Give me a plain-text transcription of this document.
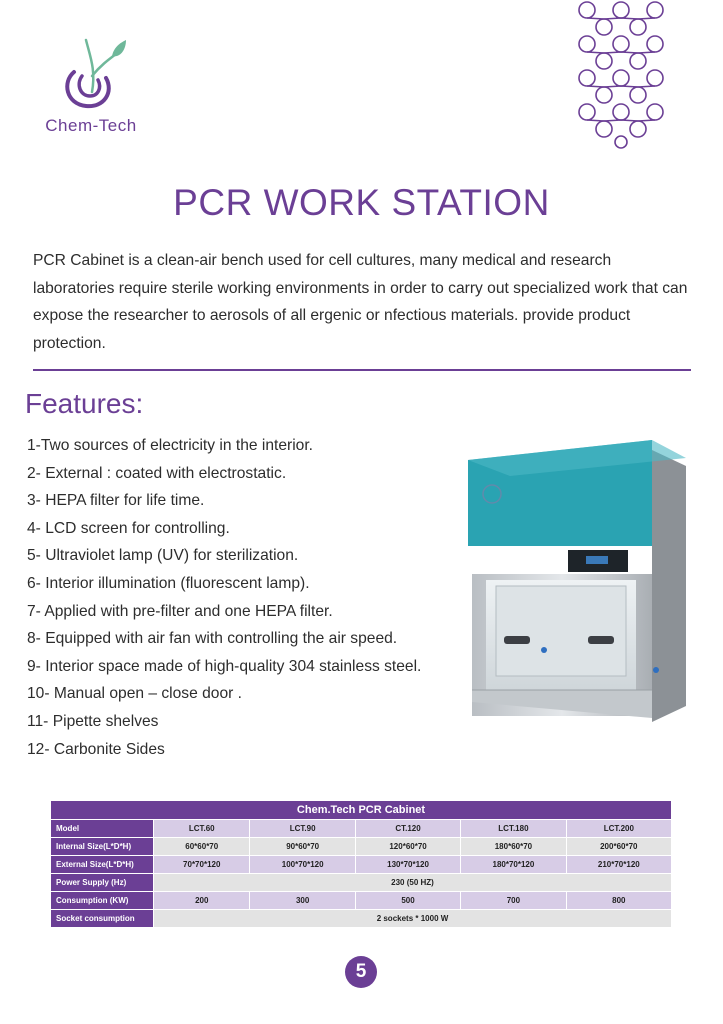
Chem-Tech
PCR WORK STATION
PCR Cabinet is a clean-air bench used for cell cultures, many medical and research laboratories require sterile working environments in order to carry out specialized work that can expose the researcher to aerosols of all ergenic or nfectious materials. provide product protection.
Features:
1-Two sources of electricity in the interior.
2- External : coated with electrostatic.
3- HEPA filter for life time.
4- LCD screen for controlling.
5- Ultraviolet lamp (UV) for sterilization.
6- Interior illumination (fluorescent lamp).
7- Applied with pre-filter and one HEPA filter.
8- Equipped with air fan with controlling the air speed.
9- Interior space made of high-quality 304 stainless steel.
10- Manual open – close door .
11- Pipette shelves
12- Carbonite Sides
Chem.Tech PCR Cabinet					
Model	LCT.60	LCT.90	CT.120	LCT.180	LCT.200
Internal Size(L*D*H)	60*60*70	90*60*70	120*60*70	180*60*70	200*60*70
External Size(L*D*H)	70*70*120	100*70*120	130*70*120	180*70*120	210*70*120
Power Supply (Hz)	230 (50 HZ)				
Consumption (KW)	200	300	500	700	800
Socket consumption	2 sockets * 1000 W				
5
